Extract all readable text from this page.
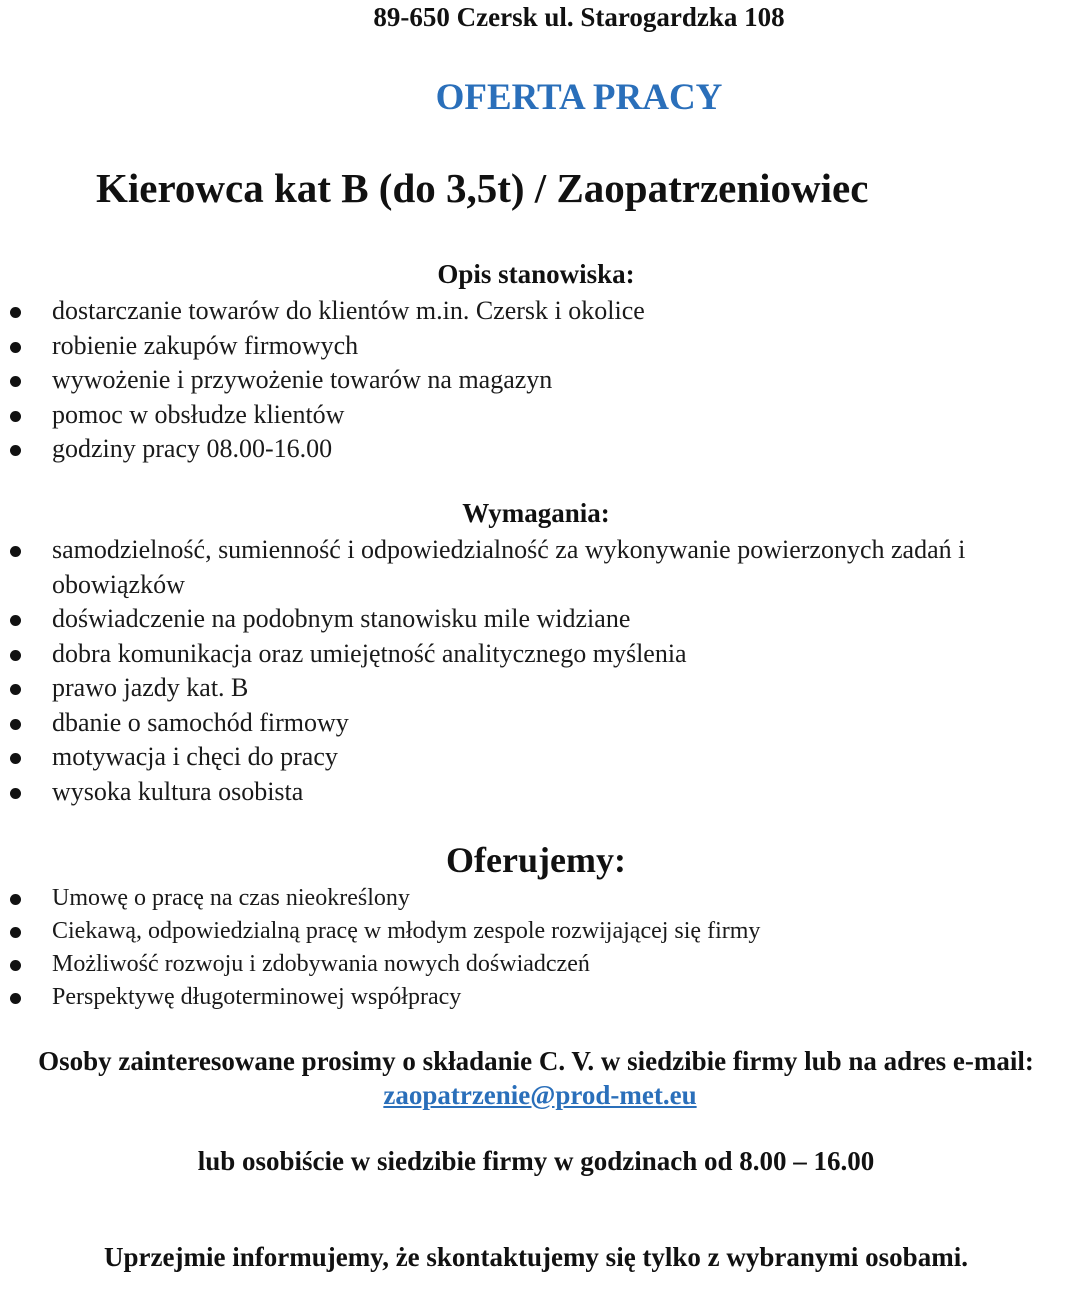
89-650 Czersk ul. Starogardzka 108
OFERTA PRACY
Kierowca kat B (do 3,5t) / Zaopatrzeniowiec
Opis stanowiska:
dostarczanie towarów do klientów m.in. Czersk i okolice
robienie zakupów firmowych
wywożenie i przywożenie towarów na magazyn
pomoc w obsłudze klientów
godziny pracy 08.00-16.00
Wymagania:
samodzielność, sumienność i odpowiedzialność za wykonywanie powierzonych zadań i obowiązków
doświadczenie na podobnym stanowisku mile widziane
dobra komunikacja oraz umiejętność analitycznego myślenia
prawo jazdy kat. B
dbanie o samochód firmowy
motywacja i chęci do pracy
wysoka kultura osobista
Oferujemy:
Umowę o pracę na czas nieokreślony
Ciekawą, odpowiedzialną pracę w młodym zespole rozwijającej się firmy
Możliwość rozwoju i zdobywania nowych doświadczeń
Perspektywę długoterminowej współpracy
Osoby zainteresowane prosimy o składanie C. V. w siedzibie firmy lub na adres e-mail:
zaopatrzenie@prod-met.eu
lub osobiście w siedzibie firmy w godzinach od 8.00 – 16.00
Uprzejmie informujemy, że skontaktujemy się tylko z wybranymi osobami.
